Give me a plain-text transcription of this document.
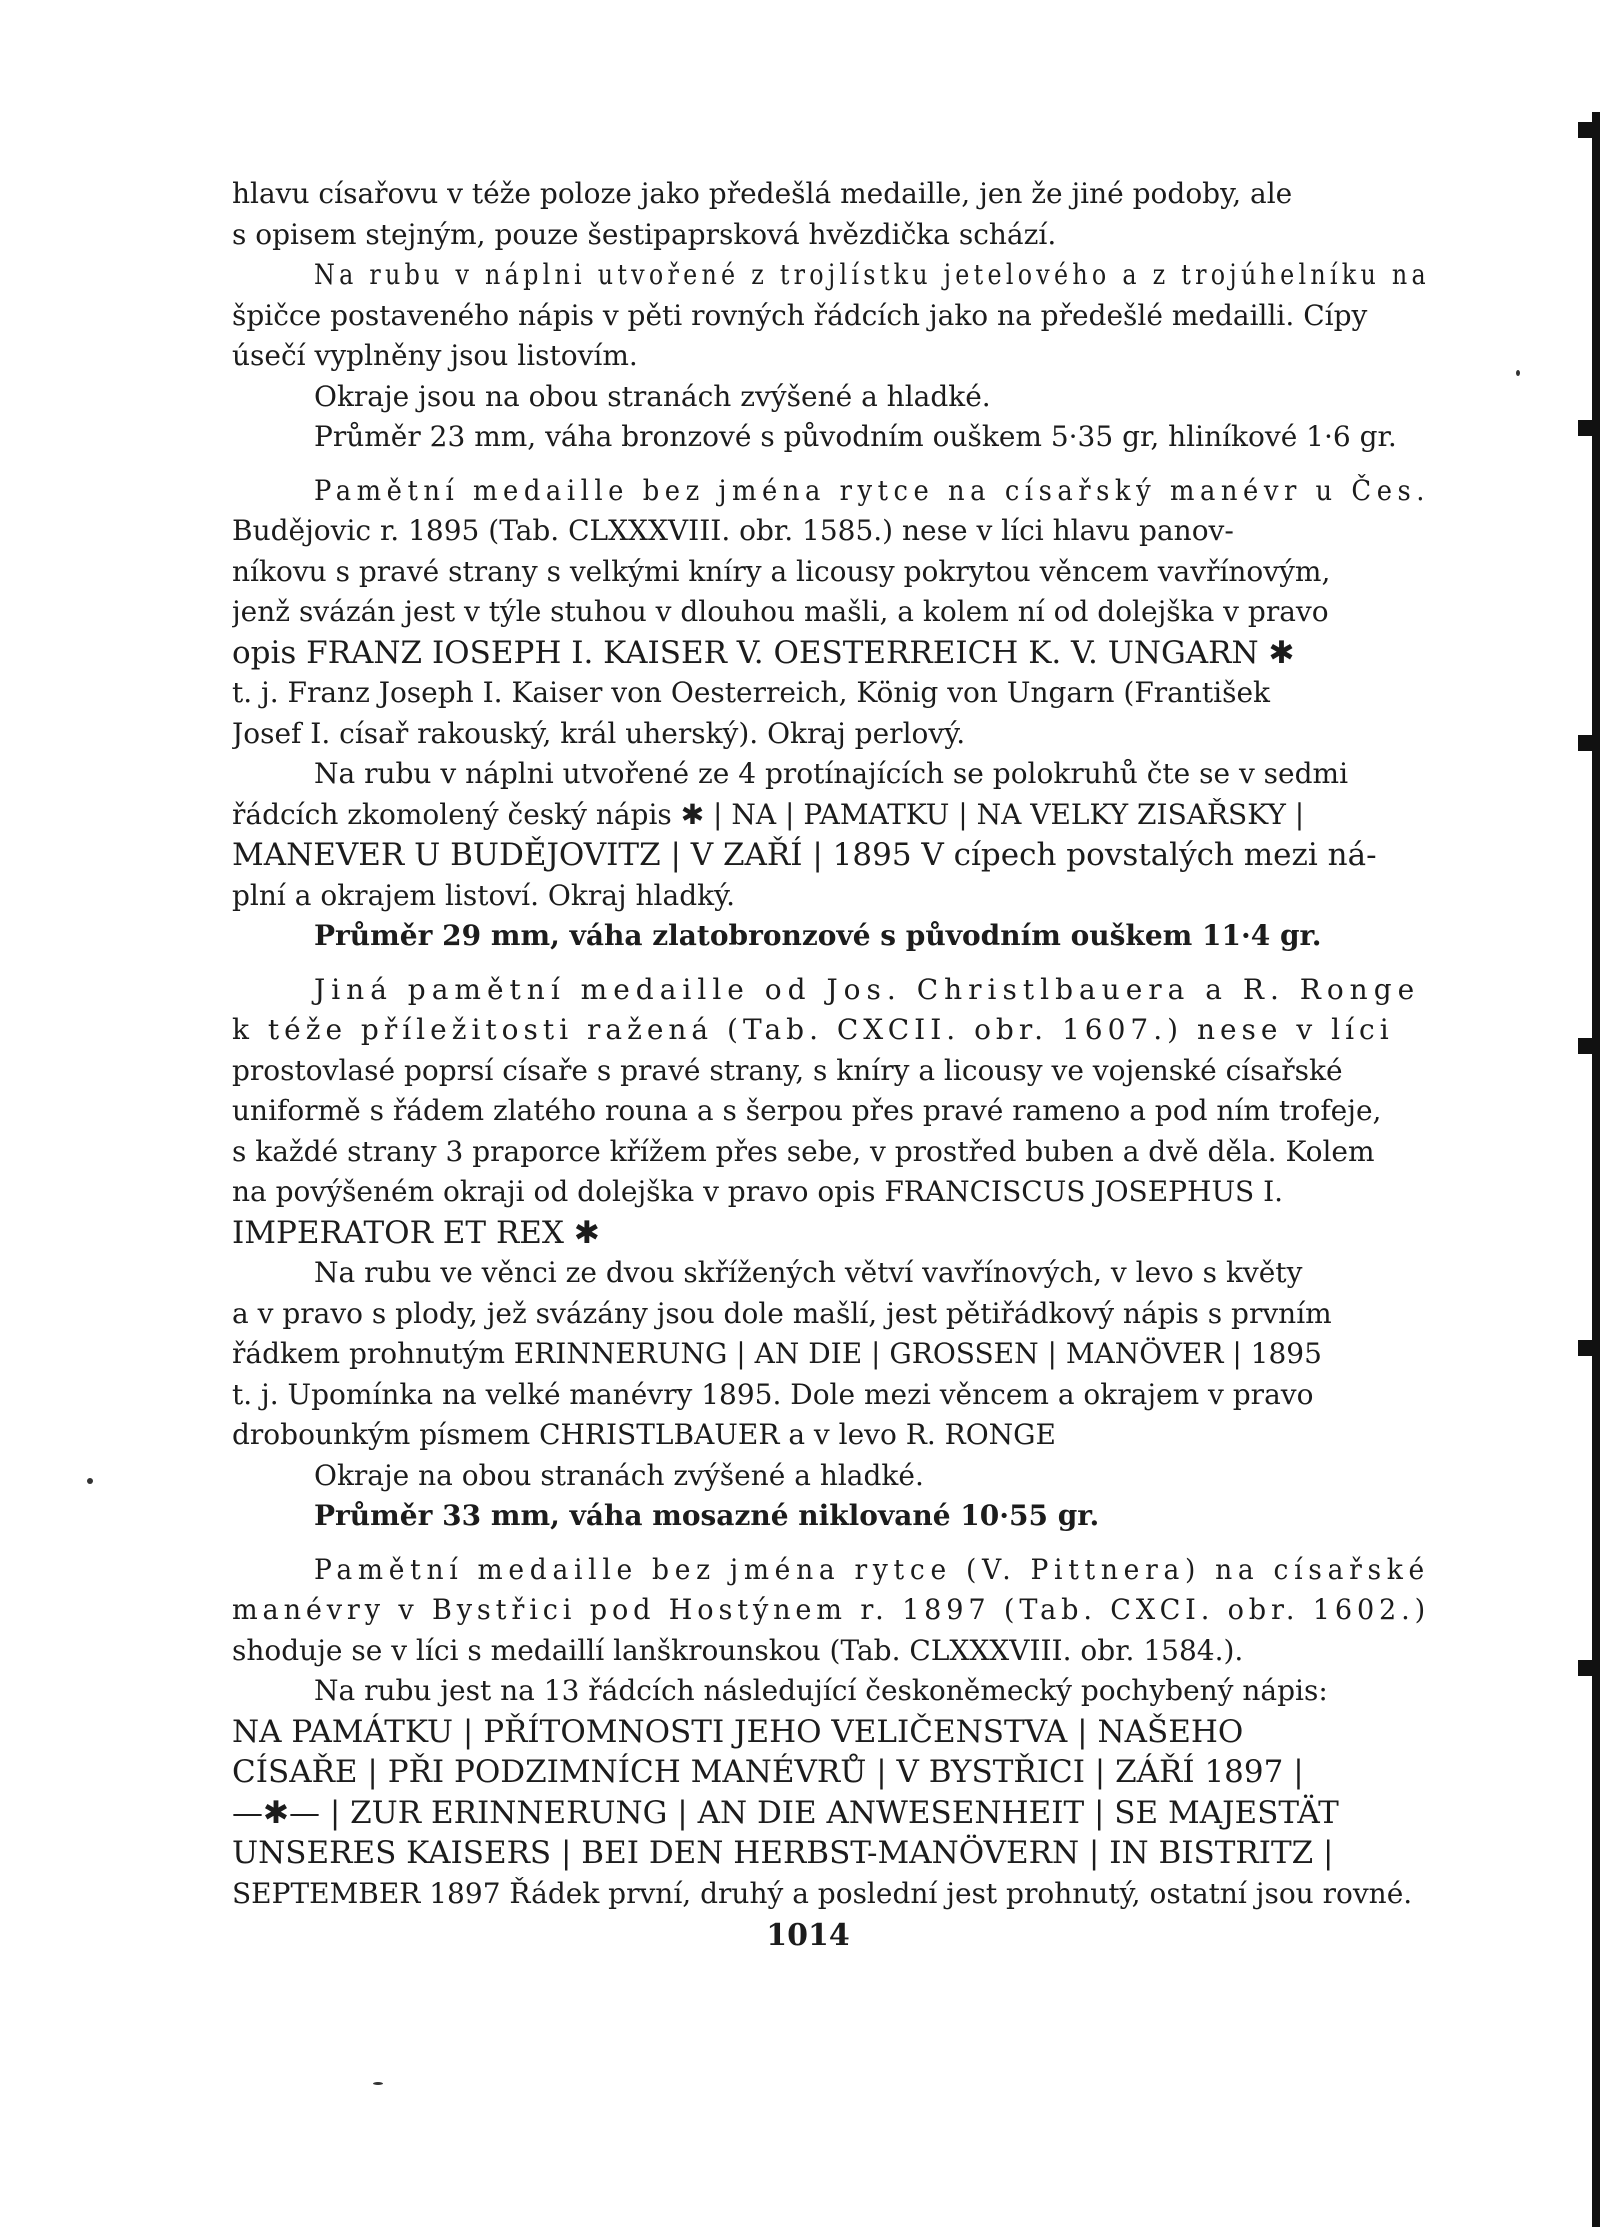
hlavu císařovu v téže poloze jako předešlá medaille, jen že jiné podoby, ale
s opisem stejným, pouze šestipaprsková hvězdička schází.
Na rubu v náplni utvořené z trojlístku jetelového a z trojúhelníku na
špičce postaveného nápis v pěti rovných řádcích jako na předešlé medailli. Cípy
úsečí vyplněny jsou listovím.
Okraje jsou na obou stranách zvýšené a hladké.
Průměr 23 mm, váha bronzové s původním ouškem 5·35 gr, hliníkové 1·6 gr.
Pamětní medaille bez jména rytce na císařský manévr u Čes.
Budějovic r. 1895 (Tab. CLXXXVIII. obr. 1585.) nese v líci hlavu panov-
níkovu s pravé strany s velkými kníry a licousy pokrytou věncem vavřínovým,
jenž svázán jest v týle stuhou v dlouhou mašli, a kolem ní od dolejška v pravo
opis FRANZ IOSEPH I. KAISER V. OESTERREICH K. V. UNGARN ✱
t. j. Franz Joseph I. Kaiser von Oesterreich, König von Ungarn (František
Josef I. císař rakouský, král uherský). Okraj perlový.
Na rubu v náplni utvořené ze 4 protínajících se polokruhů čte se v sedmi
řádcích zkomolený český nápis ✱ | NA | PAMATKU | NA VELKY ZISAŘSKY |
MANEVER U BUDĚJOVITZ | V ZAŘÍ | 1895 V cípech povstalých mezi ná-
plní a okrajem listoví. Okraj hladký.
Průměr 29 mm, váha zlatobronzové s původním ouškem 11·4 gr.
Jiná pamětní medaille od Jos. Christlbauera a R. Ronge
k téže příležitosti ražená (Tab. CXCII. obr. 1607.) nese v líci
prostovlasé poprsí císaře s pravé strany, s kníry a licousy ve vojenské císařské
uniformě s řádem zlatého rouna a s šerpou přes pravé rameno a pod ním trofeje,
s každé strany 3 praporce křížem přes sebe, v prostřed buben a dvě děla. Kolem
na povýšeném okraji od dolejška v pravo opis FRANCISCUS JOSEPHUS I.
IMPERATOR ET REX ✱
Na rubu ve věnci ze dvou skřížených větví vavřínových, v levo s květy
a v pravo s plody, jež svázány jsou dole mašlí, jest pětiřádkový nápis s prvním
řádkem prohnutým ERINNERUNG | AN DIE | GROSSEN | MANÖVER | 1895
t. j. Upomínka na velké manévry 1895. Dole mezi věncem a okrajem v pravo
drobounkým písmem CHRISTLBAUER a v levo R. RONGE
Okraje na obou stranách zvýšené a hladké.
Průměr 33 mm, váha mosazné niklované 10·55 gr.
Pamětní medaille bez jména rytce (V. Pittnera) na císařské
manévry v Bystřici pod Hostýnem r. 1897 (Tab. CXCI. obr. 1602.)
shoduje se v líci s medaillí lanškrounskou (Tab. CLXXXVIII. obr. 1584.).
Na rubu jest na 13 řádcích následující českoněmecký pochybený nápis:
NA PAMÁTKU | PŘÍTOMNOSTI JEHO VELIČENSTVA | NAŠEHO
CÍSAŘE | PŘI PODZIMNÍCH MANÉVRŮ | V BYSTŘICI | ZÁŘÍ 1897 |
—✱— | ZUR ERINNERUNG | AN DIE ANWESENHEIT | SE MAJESTÄT
UNSERES KAISERS | BEI DEN HERBST-MANÖVERN | IN BISTRITZ |
SEPTEMBER 1897 Řádek první, druhý a poslední jest prohnutý, ostatní jsou rovné.
1014
